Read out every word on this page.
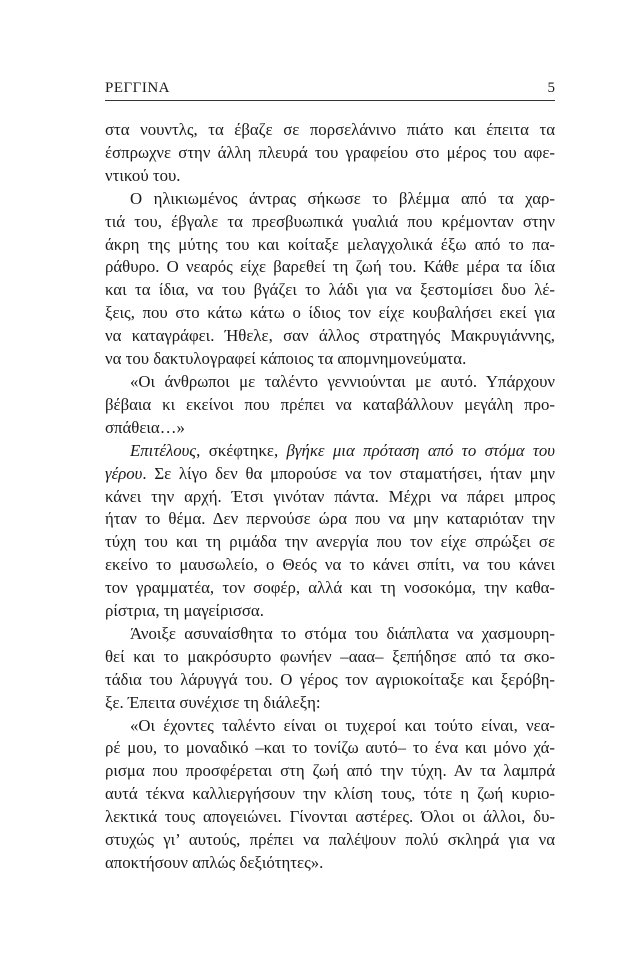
ΡΕΓΓΙΝΑ	5
στα νουντλς, τα έβαζε σε πορσελάνινο πιάτο και έπειτα τα
έσπρωχνε στην άλλη πλευρά του γραφείου στο μέρος του αφε-
ντικού του.
Ο ηλικιωμένος άντρας σήκωσε το βλέμμα από τα χαρ-
τιά του, έβγαλε τα πρεσβυωπικά γυαλιά που κρέμονταν στην
άκρη της μύτης του και κοίταξε μελαγχολικά έξω από το πα-
ράθυρο. Ο νεαρός είχε βαρεθεί τη ζωή του. Κάθε μέρα τα ίδια
και τα ίδια, να του βγάζει το λάδι για να ξεστομίσει δυο λέ-
ξεις, που στο κάτω κάτω ο ίδιος τον είχε κουβαλήσει εκεί για
να καταγράφει. Ήθελε, σαν άλλος στρατηγός Μακρυγιάννης,
να του δακτυλογραφεί κάποιος τα απομνημονεύματα.
«Οι άνθρωποι με ταλέντο γεννιούνται με αυτό. Υπάρχουν
βέβαια κι εκείνοι που πρέπει να καταβάλλουν μεγάλη προ-
σπάθεια…»
Επιτέλους, σκέφτηκε, βγήκε μια πρόταση από το στόμα του
γέρου. Σε λίγο δεν θα μπορούσε να τον σταματήσει, ήταν μην
κάνει την αρχή. Έτσι γινόταν πάντα. Μέχρι να πάρει μπρος
ήταν το θέμα. Δεν περνούσε ώρα που να μην καταριόταν την
τύχη του και τη ριμάδα την ανεργία που τον είχε σπρώξει σε
εκείνο το μαυσωλείο, ο Θεός να το κάνει σπίτι, να του κάνει
τον γραμματέα, τον σοφέρ, αλλά και τη νοσοκόμα, την καθα-
ρίστρια, τη μαγείρισσα.
Άνοιξε ασυναίσθητα το στόμα του διάπλατα να χασμουρη-
θεί και το μακρόσυρτο φωνήεν –ααα– ξεπήδησε από τα σκο-
τάδια του λάρυγγά του. Ο γέρος τον αγριοκοίταξε και ξερόβη-
ξε. Έπειτα συνέχισε τη διάλεξη:
«Οι έχοντες ταλέντο είναι οι τυχεροί και τούτο είναι, νεα-
ρέ μου, το μοναδικό –και το τονίζω αυτό– το ένα και μόνο χά-
ρισμα που προσφέρεται στη ζωή από την τύχη. Αν τα λαμπρά
αυτά τέκνα καλλιεργήσουν την κλίση τους, τότε η ζωή κυριο-
λεκτικά τους απογειώνει. Γίνονται αστέρες. Όλοι οι άλλοι, δυ-
στυχώς γι’ αυτούς, πρέπει να παλέψουν πολύ σκληρά για να
αποκτήσουν απλώς δεξιότητες».
